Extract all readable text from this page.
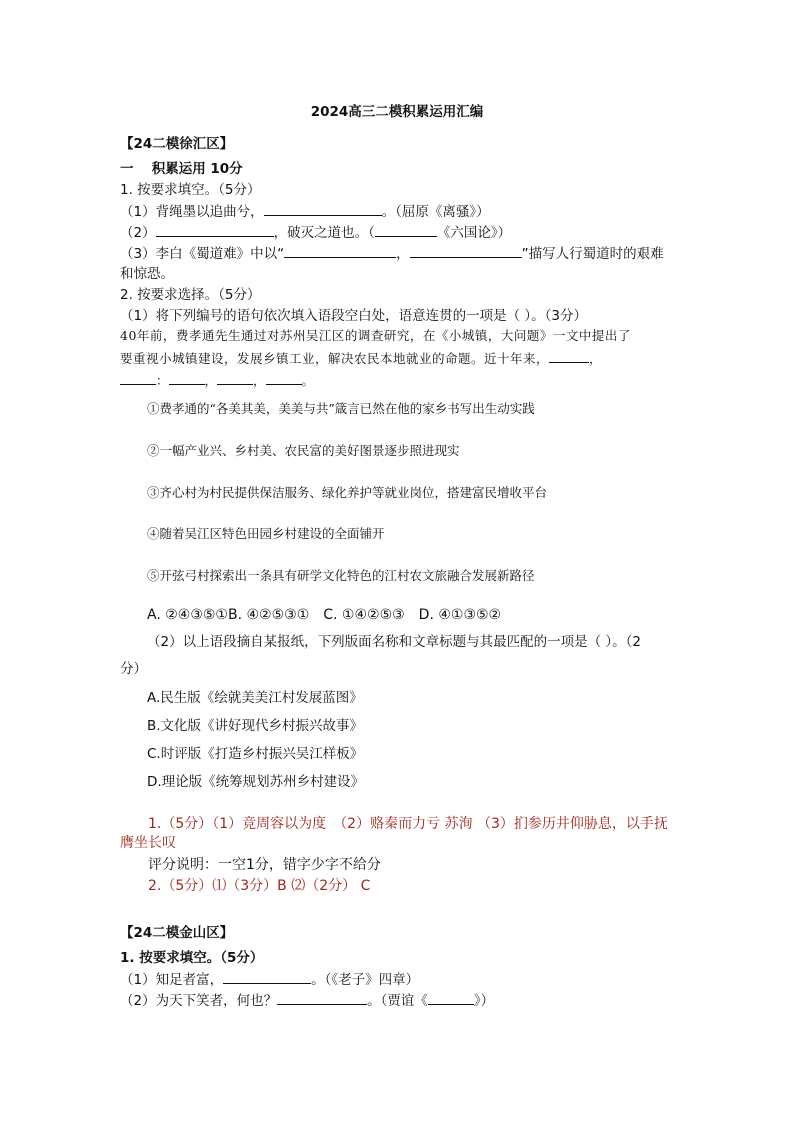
2024高三二模积累运用汇编
【24二模徐汇区】
一　 积累运用 10分
1. 按要求填空。（5分）
（1）背绳墨以追曲兮，	。（屈原《离骚》）
（2）	，破灭之道也。（	《六国论》）
（3）李白《蜀道难》中以“	，	”描写人行蜀道时的艰难
和惊恐。
2. 按要求选择。（5分）
（1）将下列编号的语句依次填入语段空白处，语意连贯的一项是（ ）。（3分）
40年前，费孝通先生通过对苏州吴江区的调查研究，在《小城镇，大问题》一文中提出了
要重视小城镇建设，发展乡镇工业，解决农民本地就业的命题。近十年来，	，
：	，	，	。
①费孝通的“各美其美，美美与共”箴言已然在他的家乡书写出生动实践
②一幅产业兴、乡村美、农民富的美好图景逐步照进现实
③齐心村为村民提供保洁服务、绿化养护等就业岗位，搭建富民增收平台
④随着吴江区特色田园乡村建设的全面铺开
⑤开弦弓村探索出一条具有研学文化特色的江村农文旅融合发展新路径
A. ②④③⑤①B. ④②⑤③①　C. ①④②⑤③　D. ④①③⑤②
（2）以上语段摘自某报纸，下列版面名称和文章标题与其最匹配的一项是（ ）。（2
分）
A.民生版《绘就美美江村发展蓝图》
B.文化版《讲好现代乡村振兴故事》
C.时评版《打造乡村振兴吴江样板》
D.理论版《统筹规划苏州乡村建设》
1.（5分）（1）竞周容以为度　（2）赂秦而力亏 苏洵 （3）扪参历井仰胁息，以手抚
膺坐长叹
评分说明：一空1分，错字少字不给分
2.（5分）⑴（3分）B ⑵（2分） C
【24二模金山区】
1. 按要求填空。（5分）
（1）知足者富，	。（《老子》四章）
（2）为天下笑者，何也？	。（贾谊《	》）
